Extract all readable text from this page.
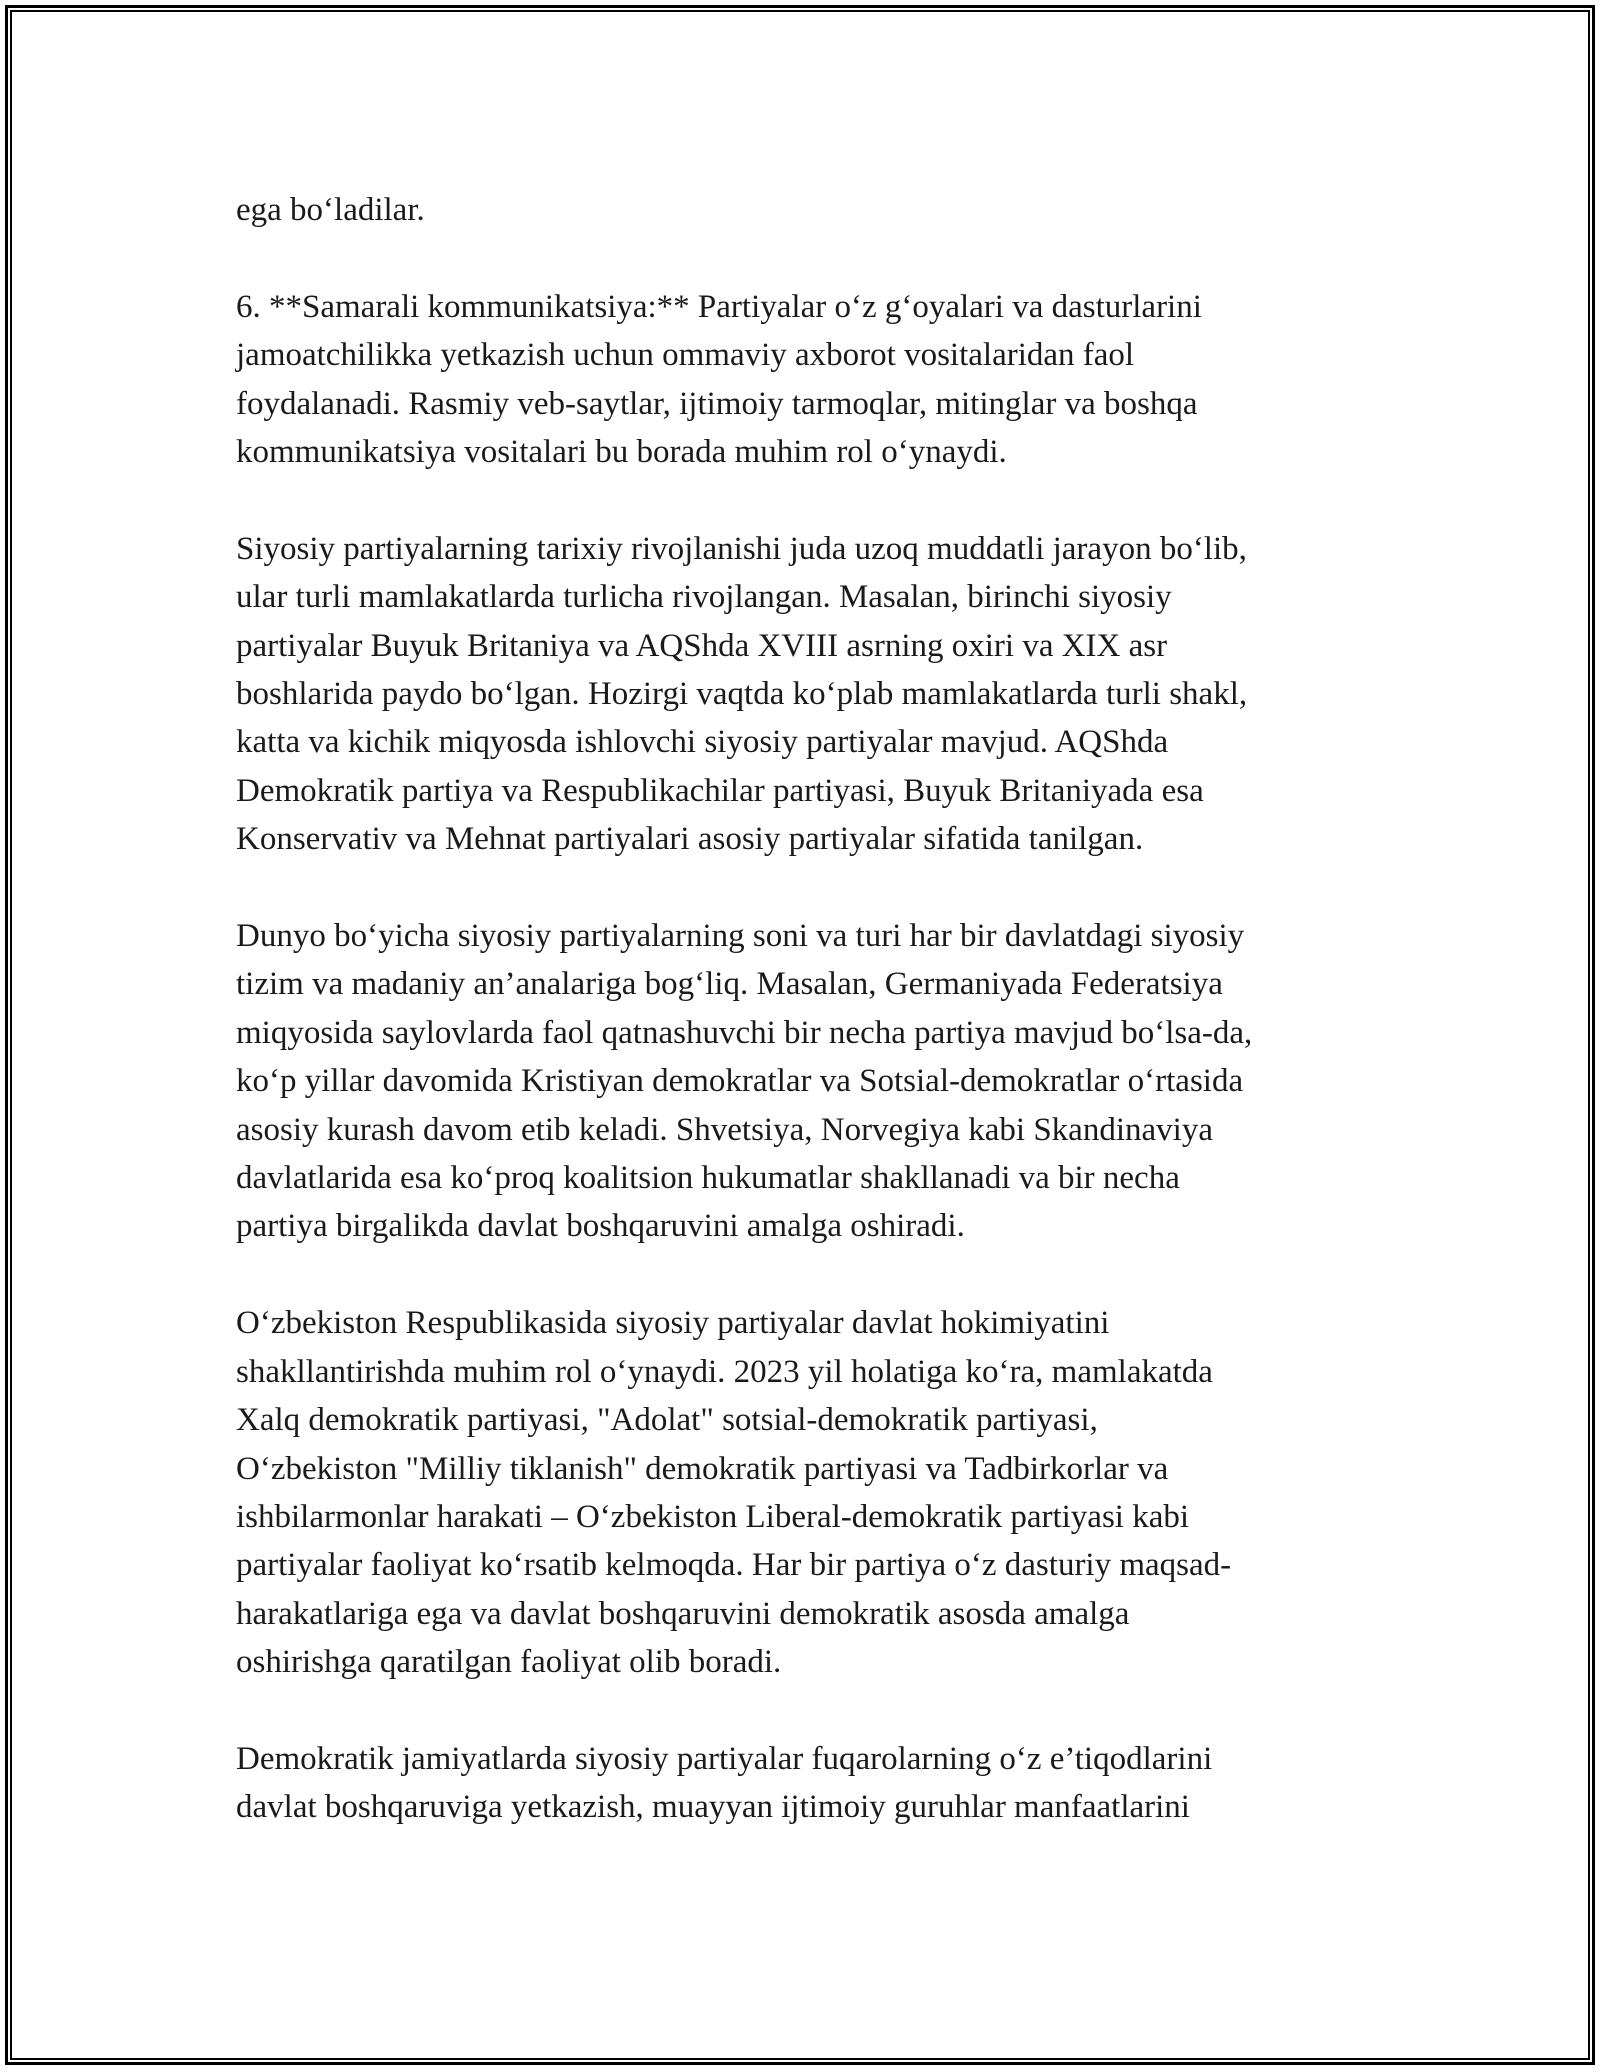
ega bo‘ladilar.

6. **Samarali kommunikatsiya:** Partiyalar o‘z g‘oyalari va dasturlarini
jamoatchilikka yetkazish uchun ommaviy axborot vositalaridan faol
foydalanadi. Rasmiy veb-saytlar, ijtimoiy tarmoqlar, mitinglar va boshqa
kommunikatsiya vositalari bu borada muhim rol o‘ynaydi.

Siyosiy partiyalarning tarixiy rivojlanishi juda uzoq muddatli jarayon bo‘lib,
ular turli mamlakatlarda turlicha rivojlangan. Masalan, birinchi siyosiy
partiyalar Buyuk Britaniya va AQShda XVIII asrning oxiri va XIX asr
boshlarida paydo bo‘lgan. Hozirgi vaqtda ko‘plab mamlakatlarda turli shakl,
katta va kichik miqyosda ishlovchi siyosiy partiyalar mavjud. AQShda
Demokratik partiya va Respublikachilar partiyasi, Buyuk Britaniyada esa
Konservativ va Mehnat partiyalari asosiy partiyalar sifatida tanilgan.

Dunyo bo‘yicha siyosiy partiyalarning soni va turi har bir davlatdagi siyosiy
tizim va madaniy an’analariga bog‘liq. Masalan, Germaniyada Federatsiya
miqyosida saylovlarda faol qatnashuvchi bir necha partiya mavjud bo‘lsa-da,
ko‘p yillar davomida Kristiyan demokratlar va Sotsial-demokratlar o‘rtasida
asosiy kurash davom etib keladi. Shvetsiya, Norvegiya kabi Skandinaviya
davlatlarida esa ko‘proq koalitsion hukumatlar shakllanadi va bir necha
partiya birgalikda davlat boshqaruvini amalga oshiradi.

O‘zbekiston Respublikasida siyosiy partiyalar davlat hokimiyatini
shakllantirishda muhim rol o‘ynaydi. 2023 yil holatiga ko‘ra, mamlakatda
Xalq demokratik partiyasi, "Adolat" sotsial-demokratik partiyasi,
O‘zbekiston "Milliy tiklanish" demokratik partiyasi va Tadbirkorlar va
ishbilarmonlar harakati – O‘zbekiston Liberal-demokratik partiyasi kabi
partiyalar faoliyat ko‘rsatib kelmoqda. Har bir partiya o‘z dasturiy maqsad-
harakatlariga ega va davlat boshqaruvini demokratik asosda amalga
oshirishga qaratilgan faoliyat olib boradi.

Demokratik jamiyatlarda siyosiy partiyalar fuqarolarning o‘z e’tiqodlarini
davlat boshqaruviga yetkazish, muayyan ijtimoiy guruhlar manfaatlarini
